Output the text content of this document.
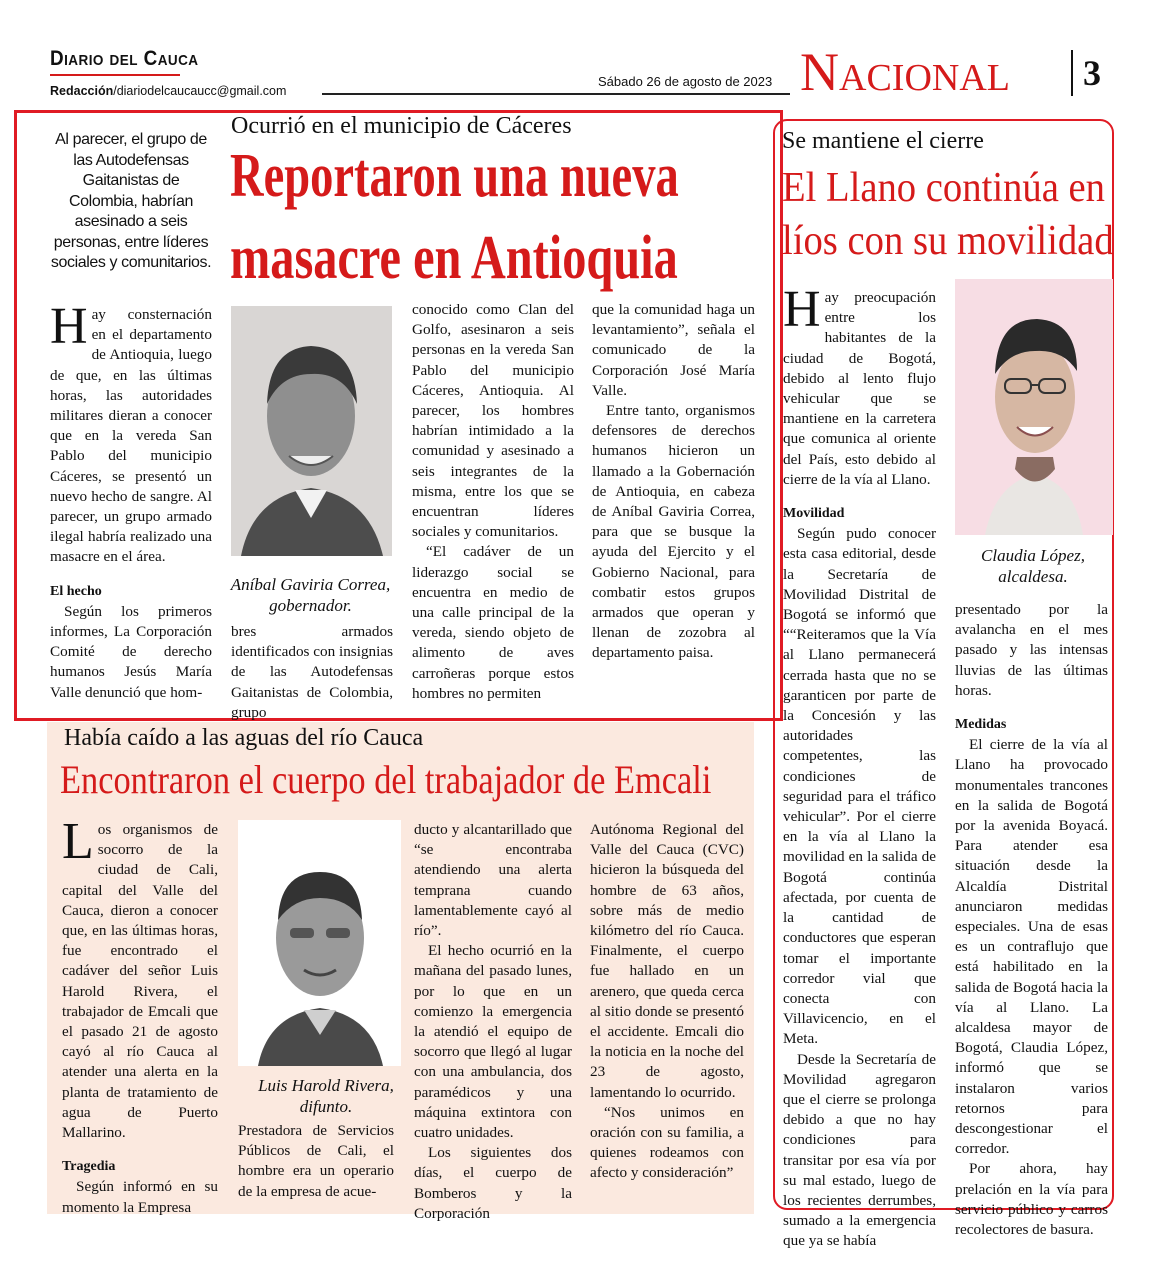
Diario del Cauca
Redacción/diariodelcaucaucc@gmail.com
Sábado 26 de agosto de 2023 Nacional 3
Se mantiene el cierre
El Llano continúa en
líos con su movilidad
H ay preocupación entre los habitantes de la ciudad de Bogotá, debido al lento flujo vehicular que se mantiene en la carretera que comunica al oriente del País, esto debido al cierre de la vía al Llano.

Movilidad

Según pudo conocer esta casa editorial, desde la Secretaría de Movilidad Distrital de Bogotá se informó que ““Reiteramos que la Vía al Llano permanecerá cerrada hasta que no se garanticen por parte de la Concesión y las autoridades competentes, las condiciones de seguridad para el tráfico vehicular”. Por el cierre en la vía al Llano la movilidad en la salida de Bogotá continúa afectada, por cuenta de la cantidad de conductores que esperan tomar el importante corredor vial que conecta con Villavicencio, en el Meta.

Desde la Secretaría de Movilidad agregaron que el cierre se prolonga debido a que no hay condiciones para transitar por esa vía por su mal estado, luego de los recientes derrumbes, sumado a la emergencia que ya se había

Claudia López, alcaldesa.

presentado por la avalancha en el mes pasado y las intensas lluvias de las últimas horas.

Medidas

El cierre de la vía al Llano ha provocado monumentales trancones en la salida de Bogotá por la avenida Boyacá. Para atender esa situación desde la Alcaldía Distrital anunciaron medidas especiales. Una de esas es un contraflujo que está habilitado en la salida de Bogotá hacia la vía al Llano. La alcaldesa mayor de Bogotá, Claudia López, informó que se instalaron varios retornos para descongestionar el corredor.

Por ahora, hay prelación en la vía para servicio público y carros recolectores de basura.

Había caído a las aguas del río Cauca
Encontraron el cuerpo del trabajador de Emcali
L os organismos de socorro de la ciudad de Cali, capital del Valle del Cauca, dieron a conocer que, en las últimas horas, fue encontrado el cadáver del señor Luis Harold Rivera, el trabajador de Emcali que el pasado 21 de agosto cayó al río Cauca al atender una alerta en la planta de tratamiento de agua de Puerto Mallarino.

Tragedia

Según informó en su momento la Empresa

Luis Harold Rivera, difunto.

Prestadora de Servicios Públicos de Cali, el hombre era un operario de la empresa de acue-

ducto y alcantarillado que “se encontraba atendiendo una alerta temprana cuando lamentablemente cayó al río”.

El hecho ocurrió en la mañana del pasado lunes, por lo que en un comienzo la emergencia la atendió el equipo de socorro que llegó al lugar con una ambulancia, dos paramédicos y una máquina extintora con cuatro unidades.

Los siguientes dos días, el cuerpo de Bomberos y la Corporación

Autónoma Regional del Valle del Cauca (CVC) hicieron la búsqueda del hombre de 63 años, sobre más de medio kilómetro del río Cauca. Finalmente, el cuerpo fue hallado en un arenero, que queda cerca al sitio donde se presentó el accidente. Emcali dio la noticia en la noche del 23 de agosto, lamentando lo ocurrido.

“Nos unimos en oración con su familia, a quienes rodeamos con afecto y consideración”

Ocurrió en el municipio de Cáceres
Reportaron una nueva
masacre en Antioquia
Al parecer, el grupo de las Autodefensas Gaitanistas de Colombia, habrían asesinado a seis personas, entre líderes sociales y comunitarios.
H ay consternación en el departamento de Antioquia, luego de que, en las últimas horas, las autoridades militares dieran a conocer que en la vereda San Pablo del municipio Cáceres, se presentó un nuevo hecho de sangre. Al parecer, un grupo armado ilegal habría realizado una masacre en el área.

El hecho

Según los primeros informes, La Corporación Comité de derecho humanos Jesús María Valle denunció que hom-

Aníbal Gaviria Correa, gobernador.

bres armados identificados con insignias de las Autodefensas Gaitanistas de Colombia, grupo

conocido como Clan del Golfo, asesinaron a seis personas en la vereda San Pablo del municipio Cáceres, Antioquia. Al parecer, los hombres habrían intimidado a la comunidad y asesinado a seis integrantes de la misma, entre los que se encuentran líderes sociales y comunitarios.

“El cadáver de un liderazgo social se encuentra en medio de una calle principal de la vereda, siendo objeto de alimento de aves carroñeras porque estos hombres no permiten

que la comunidad haga un levantamiento”, señala el comunicado de la Corporación José María Valle.

Entre tanto, organismos defensores de derechos humanos hicieron un llamado a la Gobernación de Antioquia, en cabeza de Aníbal Gaviria Correa, para que se busque la ayuda del Ejercito y el Gobierno Nacional, para combatir estos grupos armados que operan y llenan de zozobra al departamento paisa.
